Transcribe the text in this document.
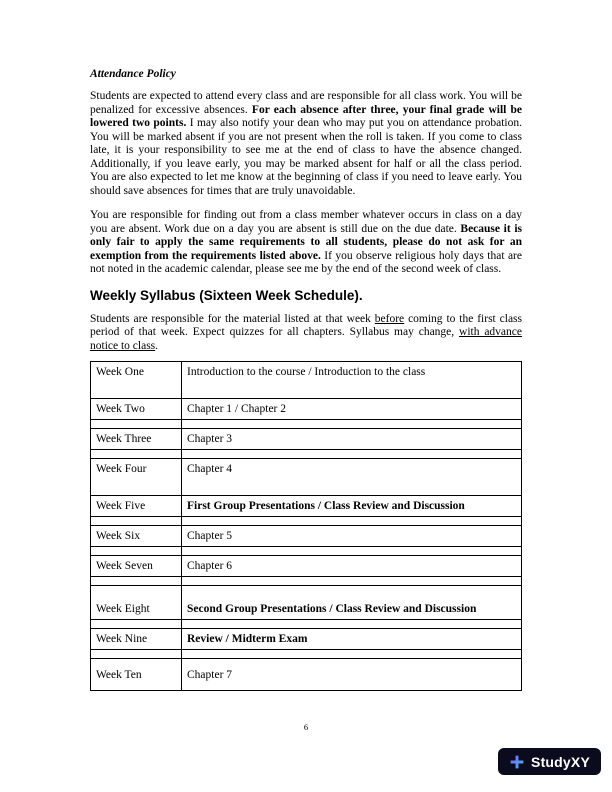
Attendance Policy

Students are expected to attend every class and are responsible for all class work. You will be penalized for excessive absences. For each absence after three, your final grade will be lowered two points. I may also notify your dean who may put you on attendance probation. You will be marked absent if you are not present when the roll is taken. If you come to class late, it is your responsibility to see me at the end of class to have the absence changed. Additionally, if you leave early, you may be marked absent for half or all the class period. You are also expected to let me know at the beginning of class if you need to leave early. You should save absences for times that are truly unavoidable.

You are responsible for finding out from a class member whatever occurs in class on a day you are absent. Work due on a day you are absent is still due on the due date. Because it is only fair to apply the same requirements to all students, please do not ask for an exemption from the requirements listed above. If you observe religious holy days that are not noted in the academic calendar, please see me by the end of the second week of class.

Weekly Syllabus (Sixteen Week Schedule).

Students are responsible for the material listed at that week before coming to the first class period of that week. Expect quizzes for all chapters. Syllabus may change, with advance notice to class.

Week One	Introduction to the course / Introduction to the class
Week Two	Chapter 1 / Chapter 2

Week Three	Chapter 3

Week Four	Chapter 4
Week Five	First Group Presentations / Class Review and Discussion

Week Six	Chapter 5

Week Seven	Chapter 6

Week Eight	Second Group Presentations / Class Review and Discussion

Week Nine	Review / Midterm Exam

Week Ten	Chapter 7
6
StudyXY
